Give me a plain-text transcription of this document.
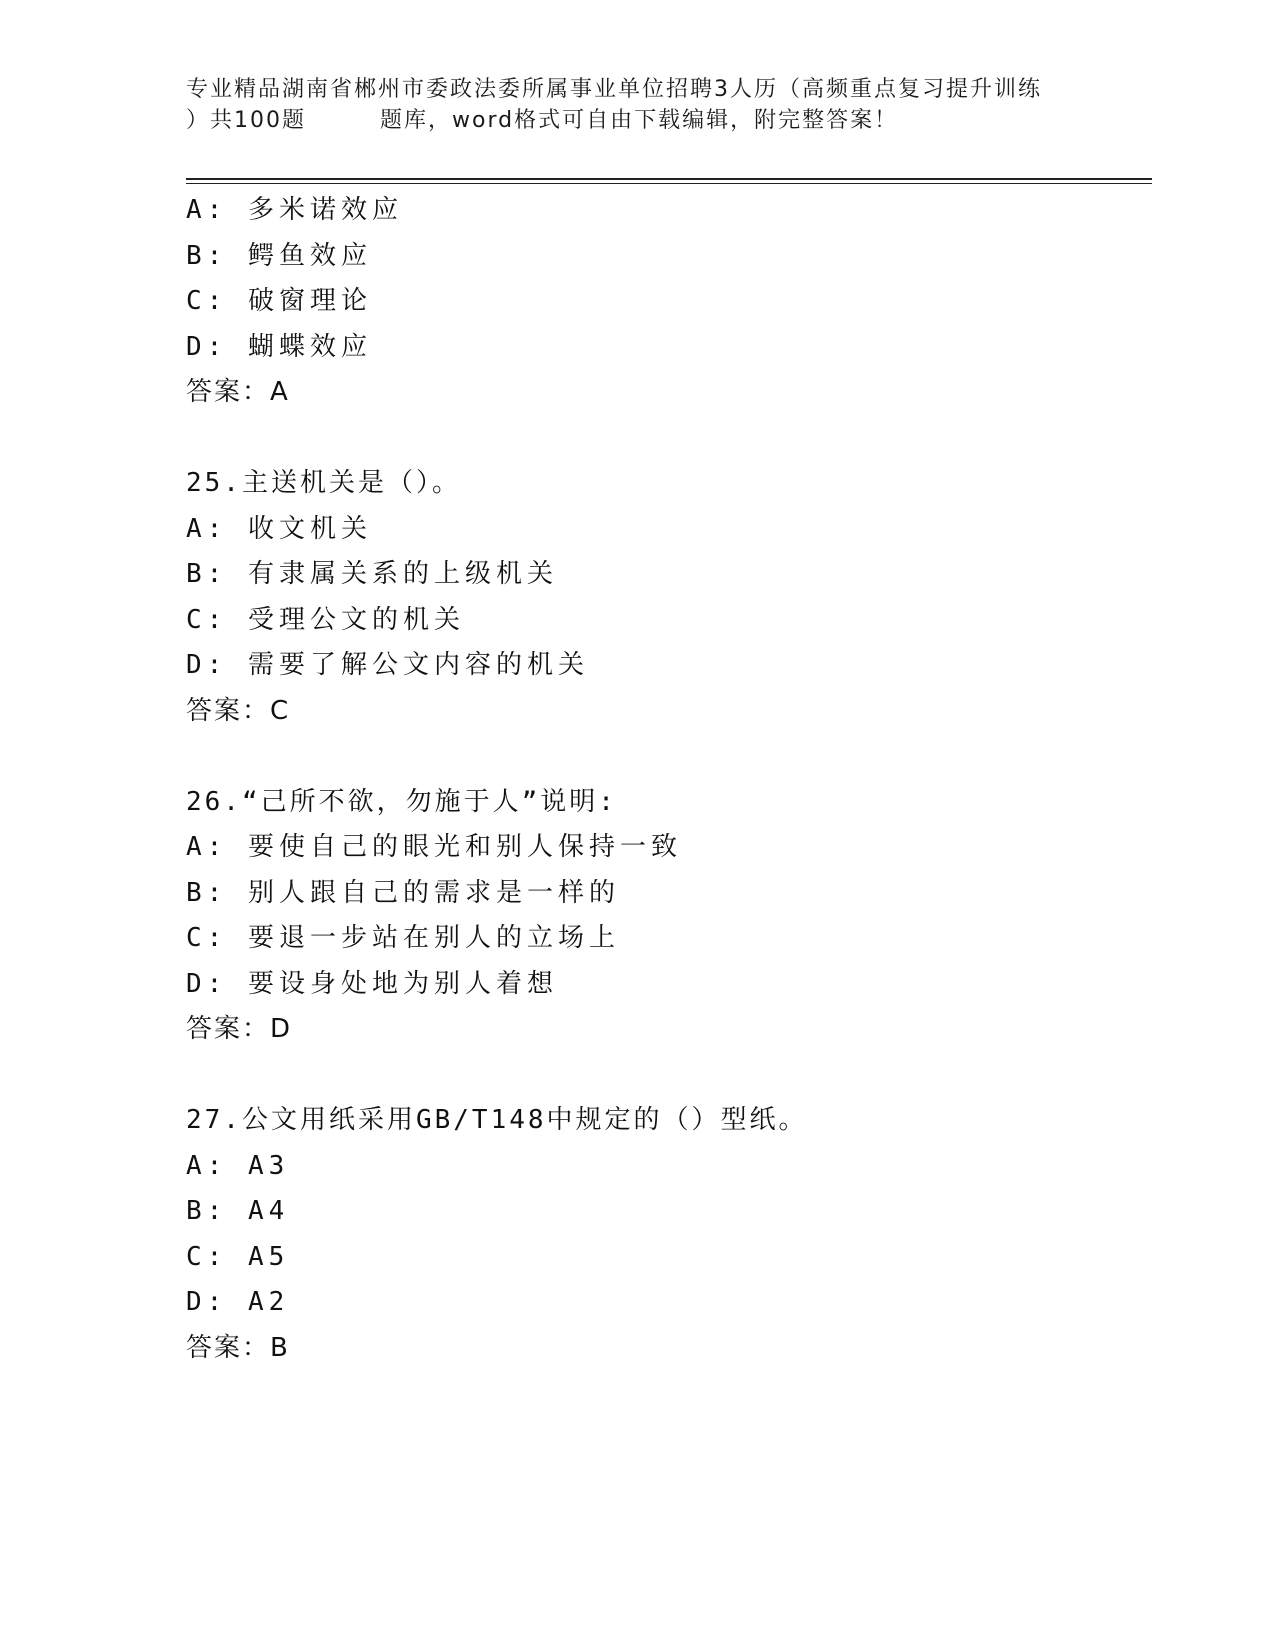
专业精品湖南省郴州市委政法委所属事业单位招聘3人历（高频重点复习提升训练
）共100题	题库，word格式可自由下载编辑，附完整答案！
A: 多米诺效应
B: 鳄鱼效应
C: 破窗理论
D: 蝴蝶效应
答案：A
25.主送机关是（）。
A: 收文机关
B: 有隶属关系的上级机关
C: 受理公文的机关
D: 需要了解公文内容的机关
答案：C
26.“己所不欲，勿施于人”说明:
A: 要使自己的眼光和别人保持一致
B: 别人跟自己的需求是一样的
C: 要退一步站在别人的立场上
D: 要设身处地为别人着想
答案：D
27.公文用纸采用GB/T148中规定的（）型纸。
A: A3
B: A4
C: A5
D: A2
答案：B
